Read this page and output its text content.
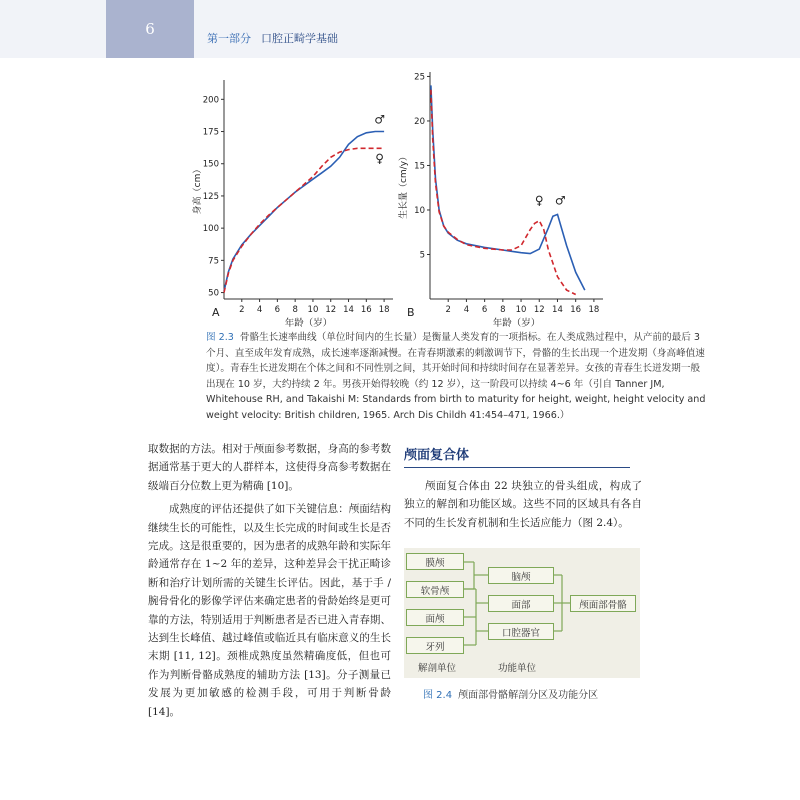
6
第一部分 口腔正畸学基础
2 4 6 8 10 12 14 16 18
50
75
100
125
150
175
200
年龄（岁）
身高（cm）
♂
♀
2 4 6 8 10 12 14 16 18
5
10
15
20
25
年龄（岁）
生长量（cm/y）	♂
♀
A	B
图 2.3 骨骼生长速率曲线（单位时间内的生长量）是衡量人类发育的一项指标。在人类成熟过程中，从产前的最后 3 个月、直至成年发育成熟，成长速率逐渐减慢。在青春期激素的刺激调节下，骨骼的生长出现一个进发期（身高峰值速度）。青春生长迸发期在个体之间和不同性别之间，其开始时间和持续时间存在显著差异。女孩的青春生长迸发期一般出现在 10 岁，大约持续 2 年。男孩开始得较晚（约 12 岁），这一阶段可以持续 4~6 年（引自 Tanner JM, Whitehouse RH, and Takaishi M: Standards from birth to maturity for height, weight, height velocity and weight velocity: British children, 1965. Arch Dis Childh 41:454–471, 1966.）

取数据的方法。相对于颅面参考数据，身高的参考数据通常基于更大的人群样本，这使得身高参考数据在级端百分位数上更为精确 [10]。

成熟度的评估还提供了如下关键信息：颅面结构继续生长的可能性，以及生长完成的时间或生长是否完成。这是很重要的，因为患者的成熟年龄和实际年龄通常存在 1~2 年的差异，这种差异会干扰正畸诊断和治疗计划所需的关键生长评估。因此，基于手 / 腕骨骨化的影像学评估来确定患者的骨龄始终是更可靠的方法，特别适用于判断患者是否已进入青春期、达到生长峰值、越过峰值或临近具有临床意义的生长末期 [11, 12]。颈椎成熟度虽然精确度低，但也可作为判断骨骼成熟度的辅助方法 [13]。分子测量已发展为更加敏感的检测手段，可用于判断骨龄 [14]。

颅面复合体
颅面复合体由 22 块独立的骨头组成，构成了独立的解剖和功能区域。这些不同的区域具有各自不同的生长发育机制和生长适应能力（图 2.4）。
膜颅
软骨颅
面颅
牙列
脑颅
面部
口腔器官
颅面部骨骼
解剖单位	功能单位
图 2.4 颅面部骨骼解剖分区及功能分区
